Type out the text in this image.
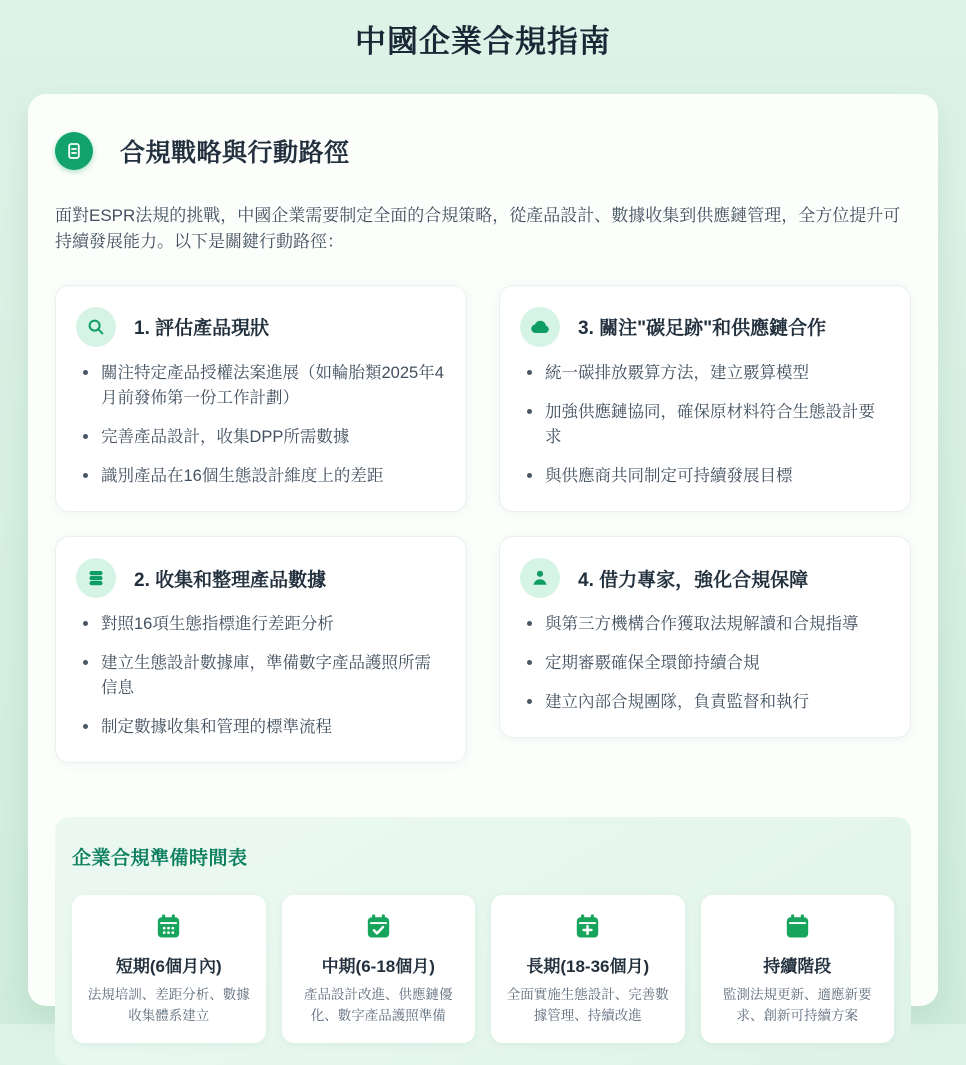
中國企業合規指南
合規戰略與行動路徑

面對ESPR法規的挑戰，中國企業需要制定全面的合規策略，從產品設計、數據收集到供應鏈管理，全方位提升可持續發展能力。以下是關鍵行動路徑：

1. 評估產品現狀
關注特定產品授權法案進展（如輪胎類2025年4月前發佈第一份工作計劃）
完善產品設計，收集DPP所需數據
識別產品在16個生態設計維度上的差距
2. 收集和整理產品數據
對照16項生態指標進行差距分析
建立生態設計數據庫，準備數字產品護照所需信息
制定數據收集和管理的標準流程
3. 關注"碳足跡"和供應鏈合作
統一碳排放覈算方法，建立覈算模型
加強供應鏈協同，確保原材料符合生態設計要求
與供應商共同制定可持續發展目標
4. 借力專家，強化合規保障
與第三方機構合作獲取法規解讀和合規指導
定期審覈確保全環節持續合規
建立內部合規團隊，負責監督和執行
企業合規準備時間表
短期(6個月內)
法規培訓、差距分析、數據收集體系建立
中期(6-18個月)
產品設計改進、供應鏈優化、數字產品護照準備
長期(18-36個月)
全面實施生態設計、完善數據管理、持續改進
持續階段
監測法規更新、適應新要求、創新可持續方案
